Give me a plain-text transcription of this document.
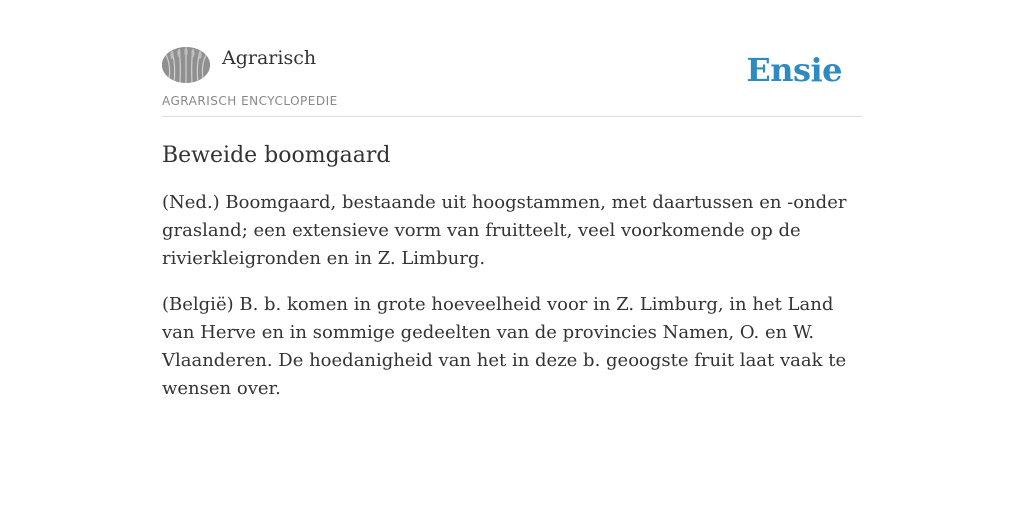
Agrarisch
AGRARISCH ENCYCLOPEDIE
Ensie
Beweide boomgaard

(Ned.) Boomgaard, bestaande uit hoogstammen, met daartussen en -onder grasland; een extensieve vorm van fruitteelt, veel voorkomende op de rivierkleigronden en in Z. Limburg.

(België) B. b. komen in grote hoeveelheid voor in Z. Limburg, in het Land van Herve en in sommige gedeelten van de provincies Namen, O. en W. Vlaanderen. De hoedanigheid van het in deze b. geoogste fruit laat vaak te wensen over.
